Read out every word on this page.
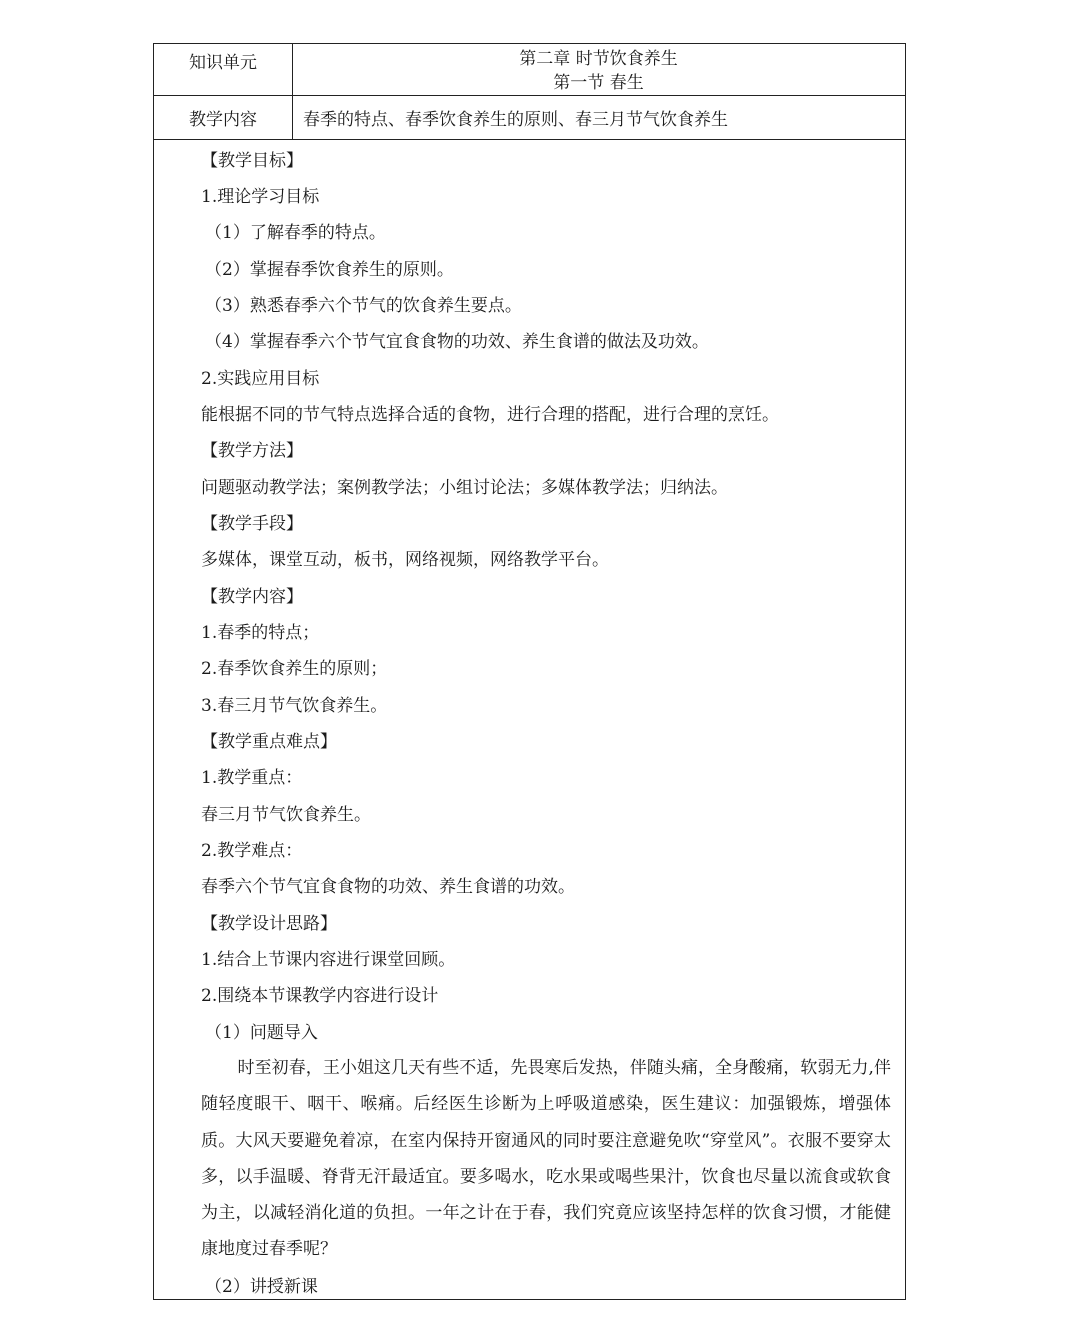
知识单元	第二章 时节饮食养生
第一节 春生
教学内容	春季的特点、春季饮食养生的原则、春三月节气饮食养生
【教学目标】
1.理论学习目标
（1）了解春季的特点。
（2）掌握春季饮食养生的原则。
（3）熟悉春季六个节气的饮食养生要点。
（4）掌握春季六个节气宜食食物的功效、养生食谱的做法及功效。
2.实践应用目标
能根据不同的节气特点选择合适的食物，进行合理的搭配，进行合理的烹饪。
【教学方法】
问题驱动教学法；案例教学法；小组讨论法；多媒体教学法；归纳法。
【教学手段】
多媒体，课堂互动，板书，网络视频，网络教学平台。
【教学内容】
1.春季的特点；
2.春季饮食养生的原则；
3.春三月节气饮食养生。
【教学重点难点】
1.教学重点：
春三月节气饮食养生。
2.教学难点：
春季六个节气宜食食物的功效、养生食谱的功效。
【教学设计思路】
1.结合上节课内容进行课堂回顾。
2.围绕本节课教学内容进行设计
（1）问题导入
时至初春，王小姐这几天有些不适，先畏寒后发热，伴随头痛，全身酸痛，软弱无力,伴随轻度眼干、咽干、喉痛。后经医生诊断为上呼吸道感染，医生建议：加强锻炼，增强体质。大风天要避免着凉，在室内保持开窗通风的同时要注意避免吹“穿堂风”。衣服不要穿太多，以手温暖、脊背无汗最适宜。要多喝水，吃水果或喝些果汁，饮食也尽量以流食或软食为主，以减轻消化道的负担。一年之计在于春，我们究竟应该坚持怎样的饮食习惯，才能健康地度过春季呢？
（2）讲授新课
